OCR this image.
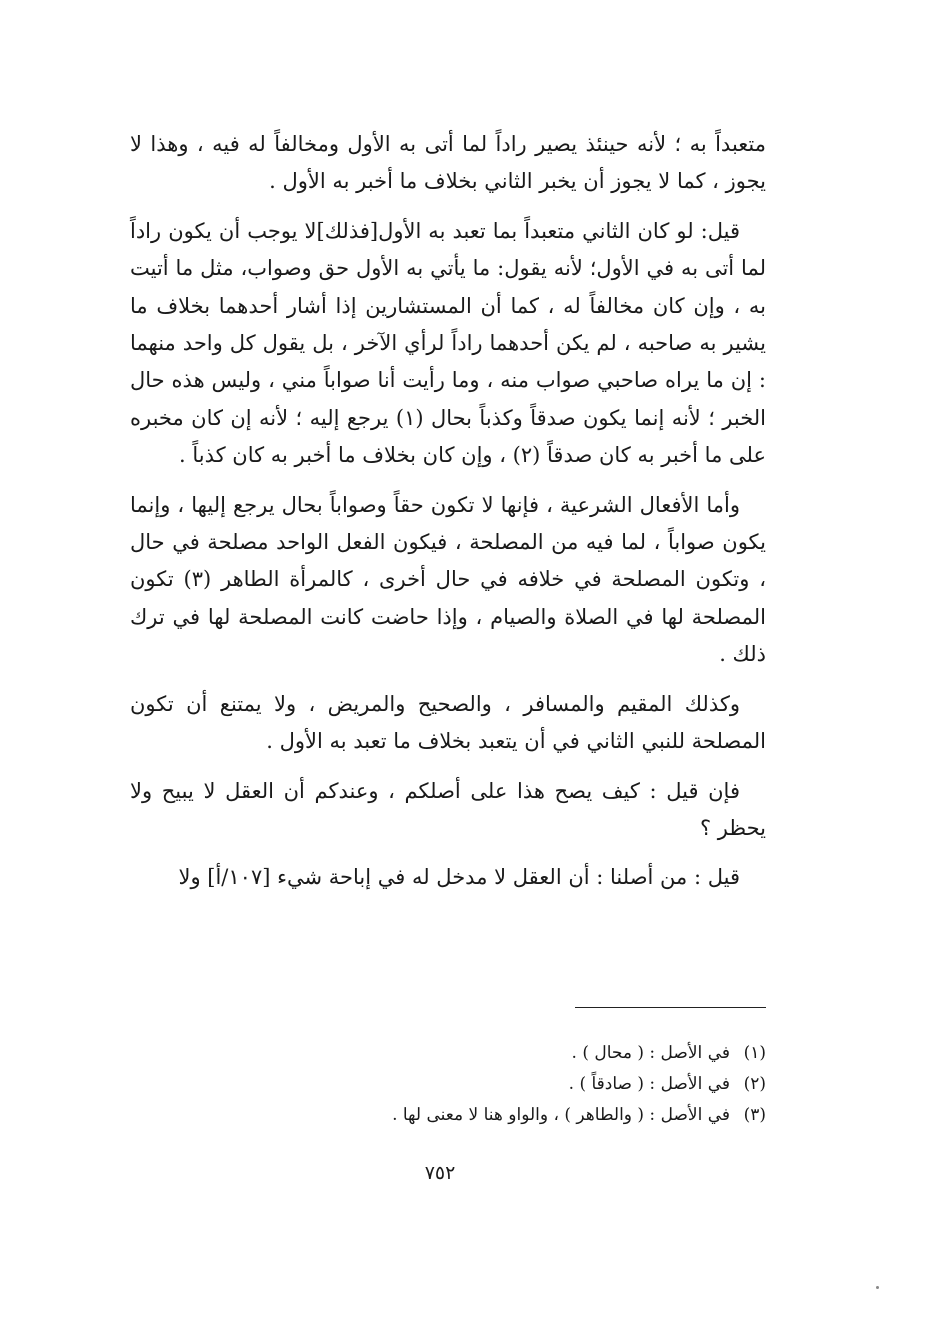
متعبداً به ؛ لأنه حينئذ يصير راداً لما أتى به الأول ومخالفاً له فيه ، وهذا لا يجوز ، كما لا يجوز أن يخبر الثاني بخلاف ما أخبر به الأول .

قيل: لو كان الثاني متعبداً بما تعبد به الأول[فذلك]لا يوجب أن يكون راداً لما أتى به في الأول؛ لأنه يقول: ما يأتي به الأول حق وصواب، مثل ما أتيت به ، وإن كان مخالفاً له ، كما أن المستشارين إذا أشار أحدهما بخلاف ما يشير به صاحبه ، لم يكن أحدهما راداً لرأي الآخر ، بل يقول كل واحد منهما : إن ما يراه صاحبي صواب منه ، وما رأيت أنا صواباً مني ، وليس هذه حال الخبر ؛ لأنه إنما يكون صدقاً وكذباً بحال (١) يرجع إليه ؛ لأنه إن كان مخبره على ما أخبر به كان صدقاً (٢) ، وإن كان بخلاف ما أخبر به كان كذباً .

وأما الأفعال الشرعية ، فإنها لا تكون حقاً وصواباً بحال يرجع إليها ، وإنما يكون صواباً ، لما فيه من المصلحة ، فيكون الفعل الواحد مصلحة في حال ، وتكون المصلحة في خلافه في حال أخرى ، كالمرأة الطاهر (٣) تكون المصلحة لها في الصلاة والصيام ، وإذا حاضت كانت المصلحة لها في ترك ذلك .

وكذلك المقيم والمسافر ، والصحيح والمريض ، ولا يمتنع أن تكون المصلحة للنبي الثاني في أن يتعبد بخلاف ما تعبد به الأول .

فإن قيل : كيف يصح هذا على أصلكم ، وعندكم أن العقل لا يبيح ولا يحظر ؟

قيل : من أصلنا : أن العقل لا مدخل له في إباحة شيء [١٠٧/أ] ولا

(١)
في الأصل : ( محال ) .
(٢)
في الأصل : ( صادقاً ) .
(٣)
في الأصل : ( والطاهر ) ، والواو هنا لا معنى لها .
٧٥٢
